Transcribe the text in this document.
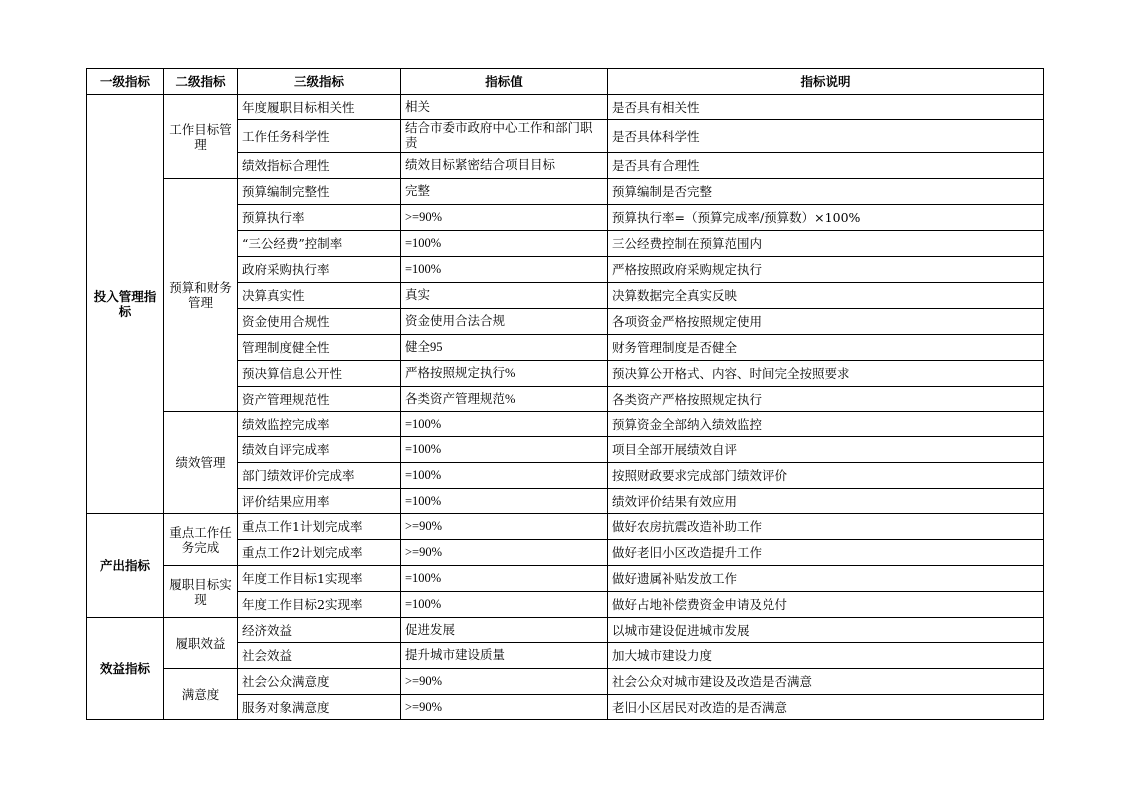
一级指标	二级指标	三级指标	指标值	指标说明
投入管理指标	工作目标管理	年度履职目标相关性	相关	是否具有相关性
		工作任务科学性	结合市委市政府中心工作和部门职责	是否具体科学性
		绩效指标合理性	绩效目标紧密结合项目目标	是否具有合理性
	预算和财务管理	预算编制完整性	完整	预算编制是否完整
		预算执行率	>=90%	预算执行率=（预算完成率/预算数）×100%
		“三公经费”控制率	=100%	三公经费控制在预算范围内
		政府采购执行率	=100%	严格按照政府采购规定执行
		决算真实性	真实	决算数据完全真实反映
		资金使用合规性	资金使用合法合规	各项资金严格按照规定使用
		管理制度健全性	健全95	财务管理制度是否健全
		预决算信息公开性	严格按照规定执行%	预决算公开格式、内容、时间完全按照要求
		资产管理规范性	各类资产管理规范%	各类资产严格按照规定执行
	绩效管理	绩效监控完成率	=100%	预算资金全部纳入绩效监控
		绩效自评完成率	=100%	项目全部开展绩效自评
		部门绩效评价完成率	=100%	按照财政要求完成部门绩效评价
		评价结果应用率	=100%	绩效评价结果有效应用
产出指标	重点工作任务完成	重点工作1计划完成率	>=90%	做好农房抗震改造补助工作
		重点工作2计划完成率	>=90%	做好老旧小区改造提升工作
	履职目标实现	年度工作目标1实现率	=100%	做好遗属补贴发放工作
		年度工作目标2实现率	=100%	做好占地补偿费资金申请及兑付
效益指标	履职效益	经济效益	促进发展	以城市建设促进城市发展
		社会效益	提升城市建设质量	加大城市建设力度
	满意度	社会公众满意度	>=90%	社会公众对城市建设及改造是否满意
		服务对象满意度	>=90%	老旧小区居民对改造的是否满意
